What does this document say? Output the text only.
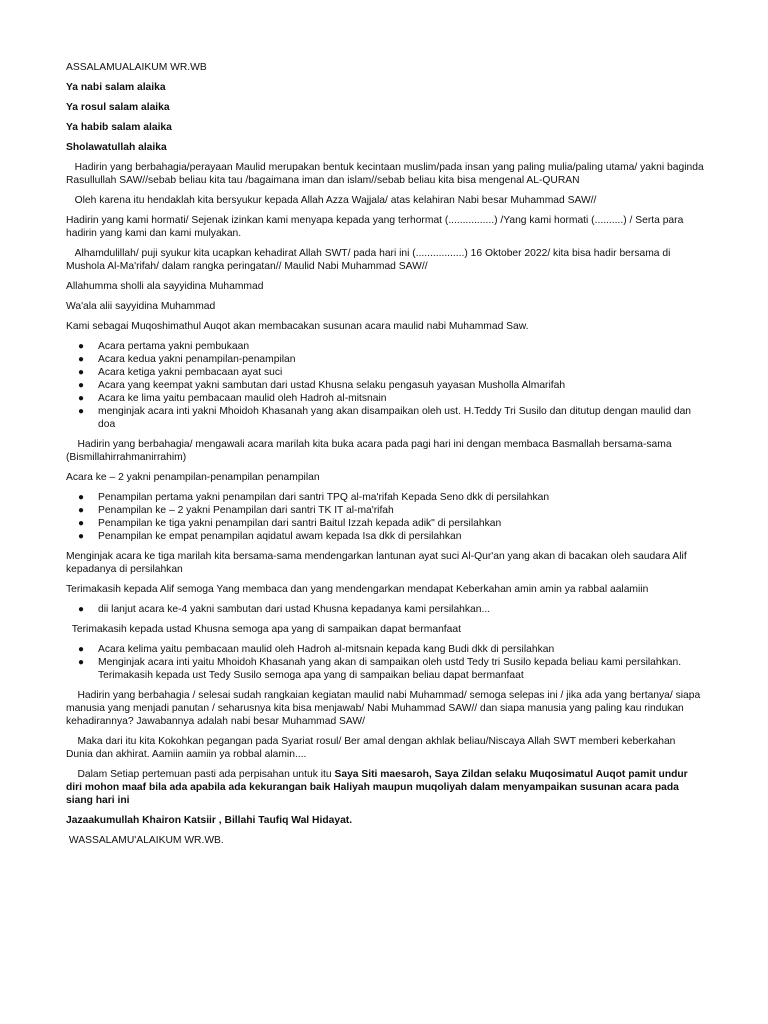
ASSALAMUALAIKUM WR.WB

Ya nabi salam alaika

Ya rosul salam alaika

Ya habib salam alaika

Sholawatullah alaika

Hadirin yang berbahagia/perayaan Maulid merupakan bentuk kecintaan muslim/pada insan yang paling mulia/paling utama/ yakni baginda Rasullullah SAW//sebab beliau kita tau /bagaimana iman dan islam//sebab beliau kita bisa mengenal AL-QURAN

Oleh karena itu hendaklah kita bersyukur kepada Allah Azza Wajjala/ atas kelahiran Nabi besar Muhammad SAW//

Hadirin yang kami hormati/ Sejenak izinkan kami menyapa kepada yang terhormat (................) /Yang kami hormati (..........) / Serta para hadirin yang kami dan kami mulyakan.

Alhamdulillah/ puji syukur kita ucapkan kehadirat Allah SWT/ pada hari ini (.................) 16 Oktober 2022/ kita bisa hadir bersama di Mushola Al-Ma'rifah/ dalam rangka peringatan// Maulid Nabi Muhammad SAW//

Allahumma sholli ala sayyidina Muhammad

Wa'ala alii sayyidina Muhammad

Kami sebagai Muqoshimathul Auqot akan membacakan susunan acara maulid nabi Muhammad Saw.

● Acara pertama yakni pembukaan
● Acara kedua yakni penampilan-penampilan
● Acara ketiga yakni pembacaan ayat suci
● Acara yang keempat yakni sambutan dari ustad Khusna selaku pengasuh yayasan Musholla Almarifah
● Acara ke lima yaitu pembacaan maulid oleh Hadroh al-mitsnain
● menginjak acara inti yakni Mhoidoh Khasanah yang akan disampaikan oleh ust. H.Teddy Tri Susilo dan ditutup dengan maulid dan doa

Hadirin yang berbahagia/ mengawali acara marilah kita buka acara pada pagi hari ini dengan membaca Basmallah bersama-sama (Bismillahirrahmanirrahim)

Acara ke – 2 yakni penampilan-penampilan penampilan

● Penampilan pertama yakni penampilan dari santri TPQ al-ma'rifah Kepada Seno dkk di persilahkan
● Penampilan ke – 2 yakni Penampilan dari santri TK IT al-ma'rifah
● Penampilan ke tiga yakni penampilan dari santri Baitul Izzah kepada adik" di persilahkan
● Penampilan ke empat penampilan aqidatul awam kepada Isa dkk di persilahkan

Menginjak acara ke tiga marilah kita bersama-sama mendengarkan lantunan ayat suci Al-Qur'an yang akan di bacakan oleh saudara Alif kepadanya di persilahkan

Terimakasih kepada Alif semoga Yang membaca dan yang mendengarkan mendapat Keberkahan amin amin ya rabbal aalamiin

● dii lanjut acara ke-4 yakni sambutan dari ustad Khusna kepadanya kami persilahkan...

Terimakasih kepada ustad Khusna semoga apa yang di sampaikan dapat bermanfaat

● Acara kelima yaitu pembacaan maulid oleh Hadroh al-mitsnain kepada kang Budi dkk di persilahkan
● Menginjak acara inti yaitu Mhoidoh Khasanah yang akan di sampaikan oleh ustd Tedy tri Susilo kepada beliau kami persilahkan. Terimakasih kepada ust Tedy Susilo semoga apa yang di sampaikan beliau dapat bermanfaat

Hadirin yang berbahagia / selesai sudah rangkaian kegiatan maulid nabi Muhammad/ semoga selepas ini / jika ada yang bertanya/ siapa manusia yang menjadi panutan / seharusnya kita bisa menjawab/ Nabi Muhammad SAW// dan siapa manusia yang paling kau rindukan kehadirannya? Jawabannya adalah nabi besar Muhammad SAW/

Maka dari itu kita Kokohkan pegangan pada Syariat rosul/ Ber amal dengan akhlak beliau/Niscaya Allah SWT memberi keberkahan Dunia dan akhirat. Aamiin aamiin ya robbal alamin....

Dalam Setiap pertemuan pasti ada perpisahan untuk itu Saya Siti maesaroh, Saya Zildan selaku Muqosimatul Auqot pamit undur diri mohon maaf bila ada apabila ada kekurangan baik Haliyah maupun muqoliyah dalam menyampaikan susunan acara pada siang hari ini

Jazaakumullah Khairon Katsiir , Billahi Taufiq Wal Hidayat.

WASSALAMU'ALAIKUM WR.WB.
